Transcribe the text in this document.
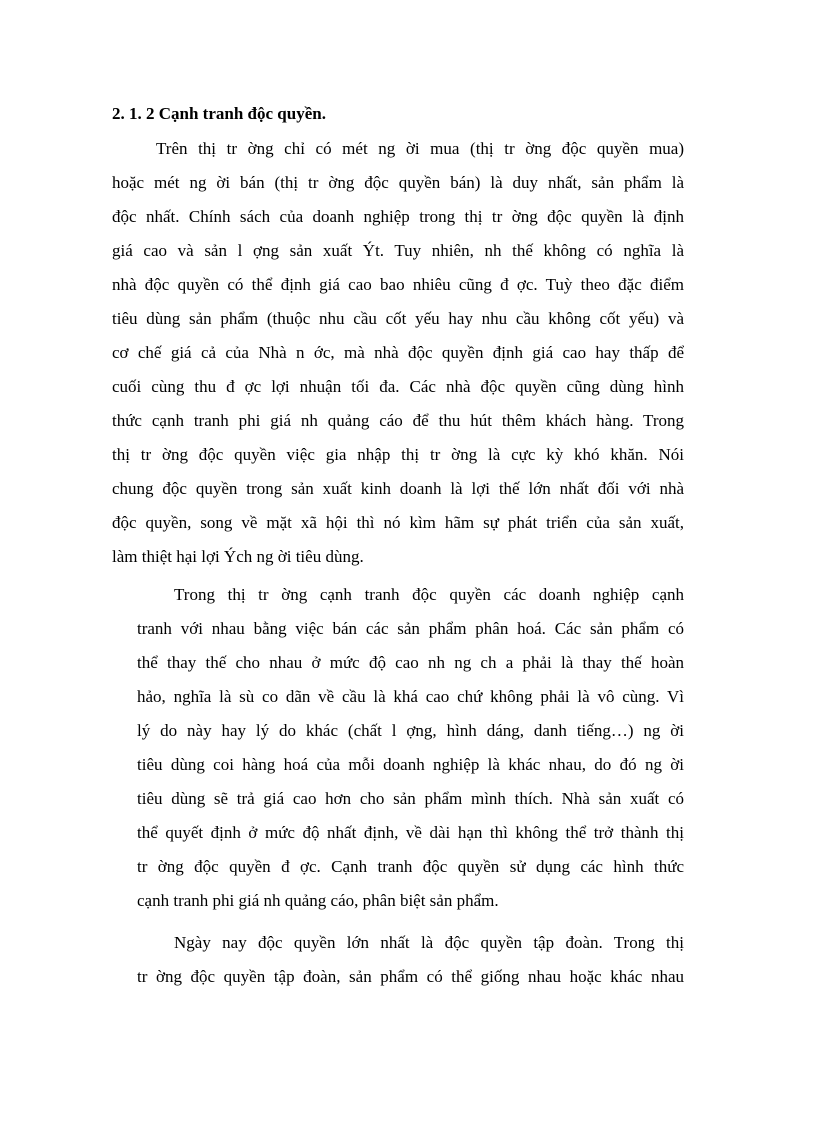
2. 1. 2 Cạnh tranh độc quyền.
Trên thị tr ờng chỉ có mét ng ời mua (thị tr ờng độc quyền mua)
hoặc mét ng ời bán (thị tr ờng độc quyền bán) là duy nhất, sản phẩm là
độc nhất. Chính sách của doanh nghiệp trong thị tr ờng độc quyền là định
giá cao và sản l ợng sản xuất Ýt. Tuy nhiên, nh thế không có nghĩa là
nhà độc quyền có thể định giá cao bao nhiêu cũng đ ợc. Tuỳ theo đặc điểm
tiêu dùng sản phẩm (thuộc nhu cầu cốt yếu hay nhu cầu không cốt yếu) và
cơ chế giá cả của Nhà n ớc, mà nhà độc quyền định giá cao hay thấp để
cuối cùng thu đ ợc lợi nhuận tối đa. Các nhà độc quyền cũng dùng hình
thức cạnh tranh phi giá nh quảng cáo để thu hút thêm khách hàng. Trong
thị tr ờng độc quyền việc gia nhập thị tr ờng là cực kỳ khó khăn. Nói
chung độc quyền trong sản xuất kinh doanh là lợi thế lớn nhất đối với nhà
độc quyền, song về mặt xã hội thì nó kìm hãm sự phát triển của sản xuất,
làm thiệt hại lợi Ých ng ời tiêu dùng.
Trong thị tr ờng cạnh tranh độc quyền các doanh nghiệp cạnh
tranh với nhau bằng việc bán các sản phẩm phân hoá. Các sản phẩm có
thể thay thế cho nhau ở mức độ cao nh ng ch a phải là thay thế hoàn
hảo, nghĩa là sù co dãn về cầu là khá cao chứ không phải là vô cùng. Vì
lý do này hay lý do khác (chất l ợng, hình dáng, danh tiếng…) ng ời
tiêu dùng coi hàng hoá của mỗi doanh nghiệp là khác nhau, do đó ng ời
tiêu dùng sẽ trả giá cao hơn cho sản phẩm mình thích. Nhà sản xuất có
thể quyết định ở mức độ nhất định, về dài hạn thì không thể trở thành thị
tr ờng độc quyền đ ợc. Cạnh tranh độc quyền sử dụng các hình thức
cạnh tranh phi giá nh quảng cáo, phân biệt sản phẩm.
Ngày nay độc quyền lớn nhất là độc quyền tập đoàn. Trong thị
tr ờng độc quyền tập đoàn, sản phẩm có thể giống nhau hoặc khác nhau
